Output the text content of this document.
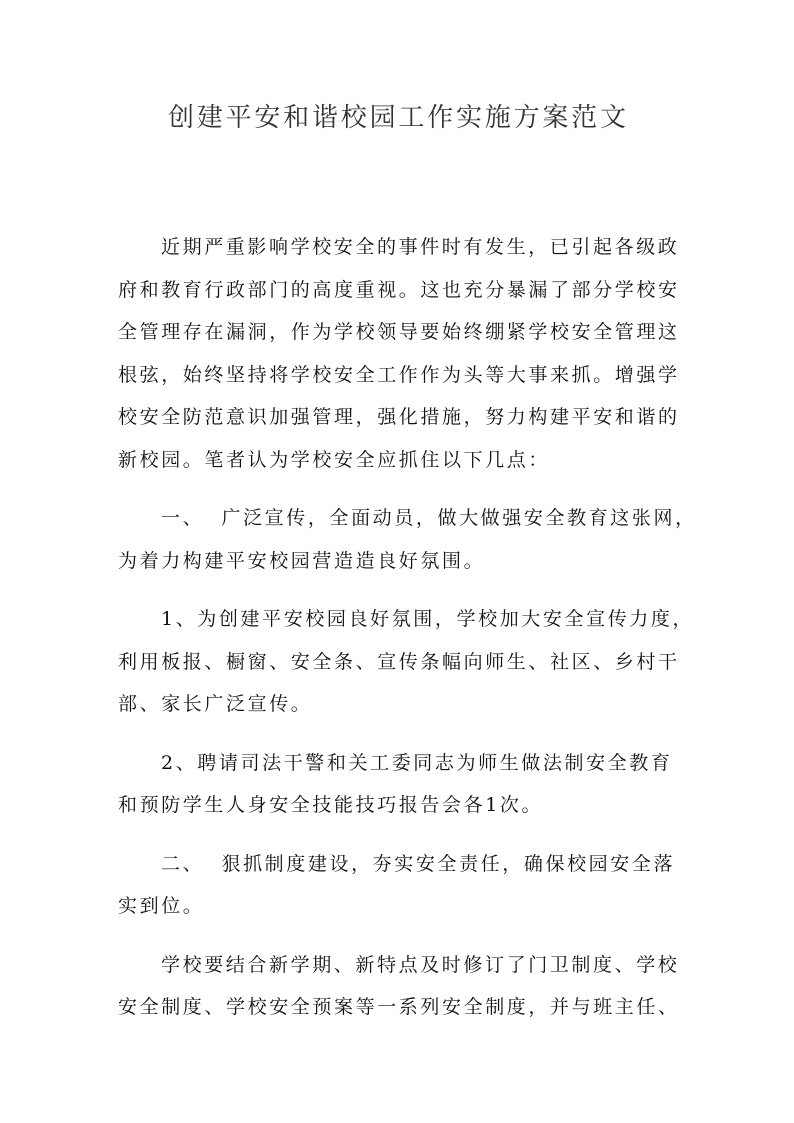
创建平安和谐校园工作实施方案范文
近期严重影响学校安全的事件时有发生，已引起各级政
府和教育行政部门的高度重视。这也充分暴漏了部分学校安
全管理存在漏洞，作为学校领导要始终绷紧学校安全管理这
根弦，始终坚持将学校安全工作作为头等大事来抓。增强学
校安全防范意识加强管理，强化措施，努力构建平安和谐的
新校园。笔者认为学校安全应抓住以下几点：
一、  广泛宣传，全面动员，做大做强安全教育这张网，
为着力构建平安校园营造造良好氛围。
1、为创建平安校园良好氛围，学校加大安全宣传力度，
利用板报、橱窗、安全条、宣传条幅向师生、社区、乡村干
部、家长广泛宣传。
2、聘请司法干警和关工委同志为师生做法制安全教育
和预防学生人身安全技能技巧报告会各1次。
二、  狠抓制度建设，夯实安全责任，确保校园安全落
实到位。
学校要结合新学期、新特点及时修订了门卫制度、学校
安全制度、学校安全预案等一系列安全制度，并与班主任、
